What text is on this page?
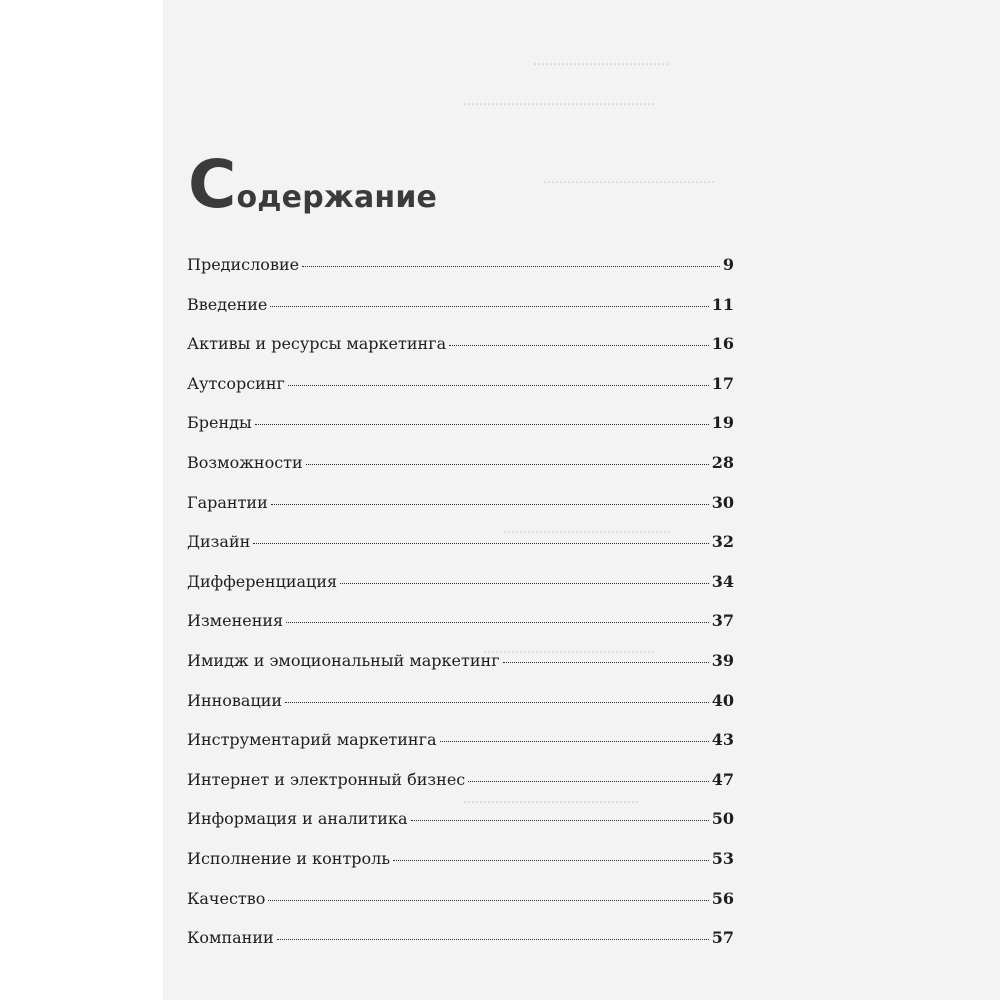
..................................
................................................
...........................................
..........................................
...........................................
............................................
Содержание
Предисловие	9
Введение	11
Активы и ресурсы маркетинга	16
Аутсорсинг	17
Бренды	19
Возможности	28
Гарантии	30
Дизайн	32
Дифференциация	34
Изменения	37
Имидж и эмоциональный маркетинг	39
Инновации	40
Инструментарий маркетинга	43
Интернет и электронный бизнес	47
Информация и аналитика	50
Исполнение и контроль	53
Качество	56
Компании	57
